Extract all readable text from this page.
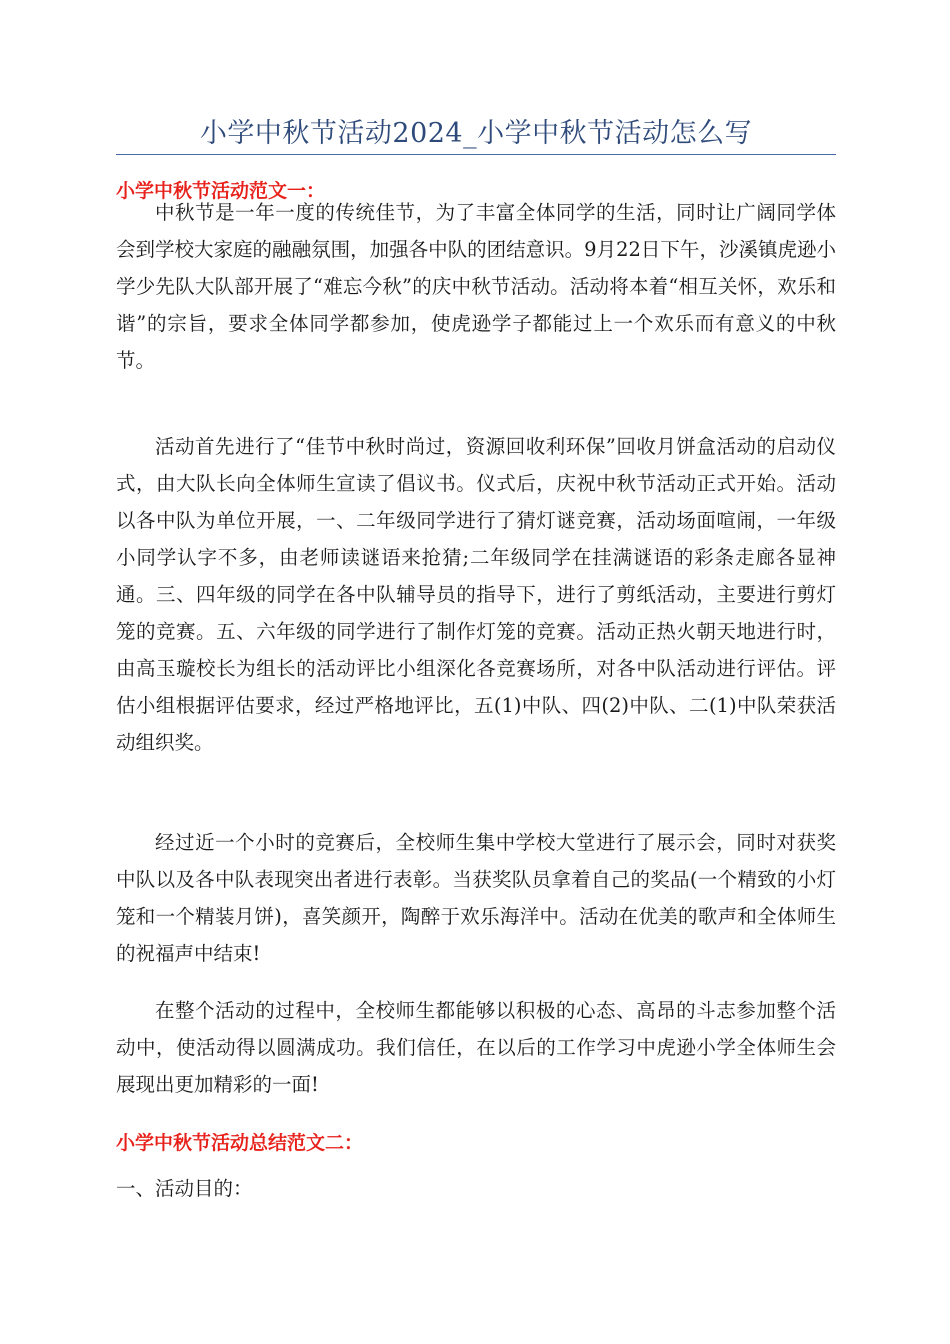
小学中秋节活动2024_小学中秋节活动怎么写
小学中秋节活动范文一：

中秋节是一年一度的传统佳节，为了丰富全体同学的生活，同时让广阔同学体会到学校大家庭的融融氛围，加强各中队的团结意识。9月22日下午，沙溪镇虎逊小学少先队大队部开展了“难忘今秋”的庆中秋节活动。活动将本着“相互关怀，欢乐和谐”的宗旨，要求全体同学都参加，使虎逊学子都能过上一个欢乐而有意义的中秋节。

活动首先进行了“佳节中秋时尚过，资源回收利环保”回收月饼盒活动的启动仪式，由大队长向全体师生宣读了倡议书。仪式后，庆祝中秋节活动正式开始。活动以各中队为单位开展，一、二年级同学进行了猜灯谜竞赛，活动场面喧闹，一年级小同学认字不多，由老师读谜语来抢猜;二年级同学在挂满谜语的彩条走廊各显神通。三、四年级的同学在各中队辅导员的指导下，进行了剪纸活动，主要进行剪灯笼的竞赛。五、六年级的同学进行了制作灯笼的竞赛。活动正热火朝天地进行时，由高玉璇校长为组长的活动评比小组深化各竞赛场所，对各中队活动进行评估。评估小组根据评估要求，经过严格地评比，五(1)中队、四(2)中队、二(1)中队荣获活动组织奖。

经过近一个小时的竞赛后，全校师生集中学校大堂进行了展示会，同时对获奖中队以及各中队表现突出者进行表彰。当获奖队员拿着自己的奖品(一个精致的小灯笼和一个精装月饼)，喜笑颜开，陶醉于欢乐海洋中。活动在优美的歌声和全体师生的祝福声中结束!

在整个活动的过程中，全校师生都能够以积极的心态、高昂的斗志参加整个活动中，使活动得以圆满成功。我们信任，在以后的工作学习中虎逊小学全体师生会展现出更加精彩的一面!

小学中秋节活动总结范文二：
一、活动目的：
